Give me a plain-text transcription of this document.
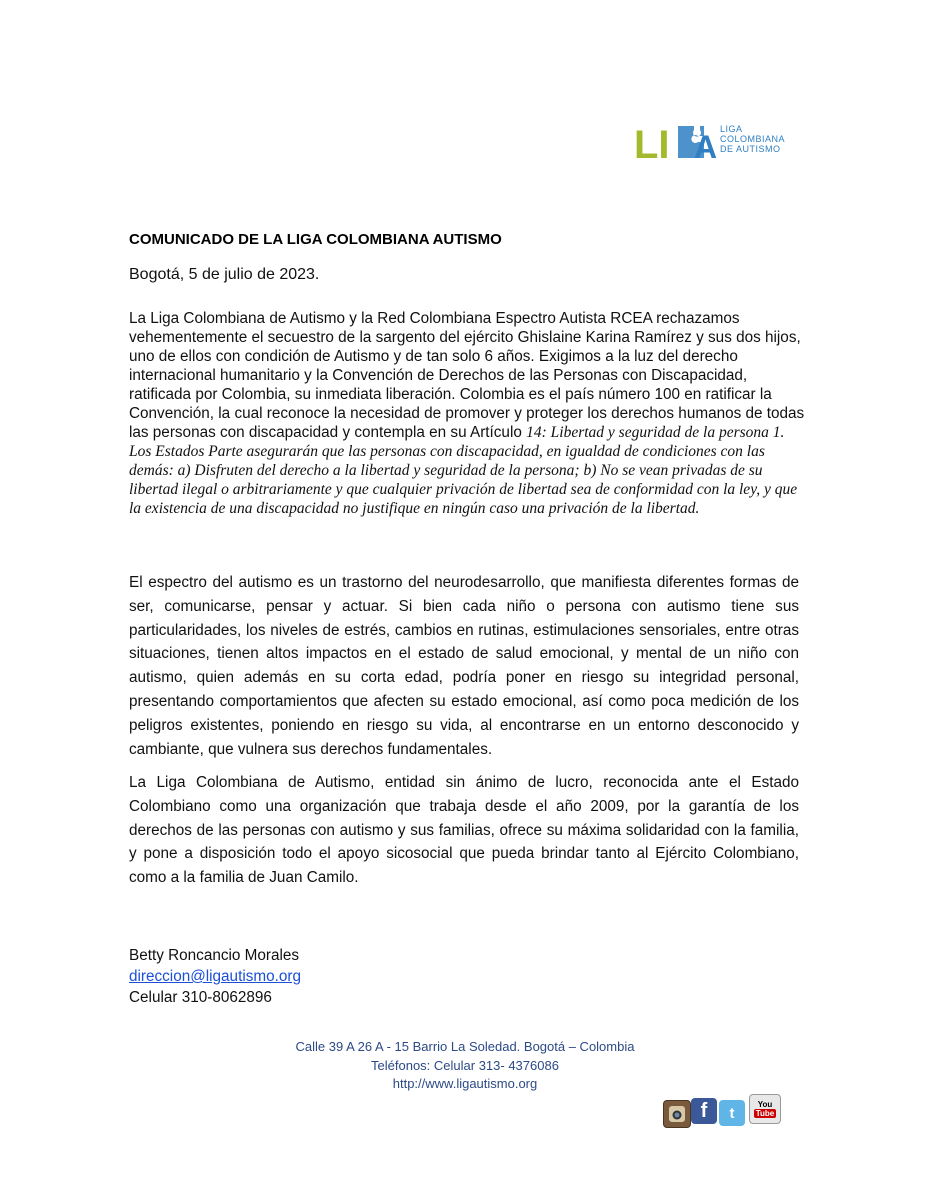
LI A LIGA
COLOMBIANA
DE AUTISMO
COMUNICADO DE LA LIGA COLOMBIANA AUTISMO
Bogotá, 5 de julio de 2023.
La Liga Colombiana de Autismo y la Red Colombiana Espectro Autista RCEA rechazamos vehementemente el secuestro de la sargento del ejército Ghislaine Karina Ramírez y sus dos hijos, uno de ellos con condición de Autismo y de tan solo 6 años. Exigimos a la luz del derecho internacional humanitario y la Convención de Derechos de las Personas con Discapacidad, ratificada por Colombia, su inmediata liberación. Colombia es el país número 100 en ratificar la Convención, la cual reconoce la necesidad de promover y proteger los derechos humanos de todas las personas con discapacidad y contempla en su Artículo 14: Libertad y seguridad de la persona 1. Los Estados Parte asegurarán que las personas con discapacidad, en igualdad de condiciones con las demás: a) Disfruten del derecho a la libertad y seguridad de la persona; b) No se vean privadas de su libertad ilegal o arbitrariamente y que cualquier privación de libertad sea de conformidad con la ley, y que la existencia de una discapacidad no justifique en ningún caso una privación de la libertad.
El espectro del autismo es un trastorno del neurodesarrollo, que manifiesta diferentes formas de ser, comunicarse, pensar y actuar. Si bien cada niño o persona con autismo tiene sus particularidades, los niveles de estrés, cambios en rutinas, estimulaciones sensoriales, entre otras situaciones, tienen altos impactos en el estado de salud emocional, y mental de un niño con autismo, quien además en su corta edad, podría poner en riesgo su integridad personal, presentando comportamientos que afecten su estado emocional, así como poca medición de los peligros existentes, poniendo en riesgo su vida, al encontrarse en un entorno desconocido y cambiante, que vulnera sus derechos fundamentales.
La Liga Colombiana de Autismo, entidad sin ánimo de lucro, reconocida ante el Estado Colombiano como una organización que trabaja desde el año 2009, por la garantía de los derechos de las personas con autismo y sus familias, ofrece su máxima solidaridad con la familia, y pone a disposición todo el apoyo sicosocial que pueda brindar tanto al Ejército Colombiano, como a la familia de Juan Camilo.
Betty Roncancio Morales
direccion@ligautismo.org
Celular 310-8062896
Calle 39 A 26 A - 15 Barrio La Soledad. Bogotá – Colombia
Teléfonos: Celular 313- 4376086
http://www.ligautismo.org
f	t	You
Tube
